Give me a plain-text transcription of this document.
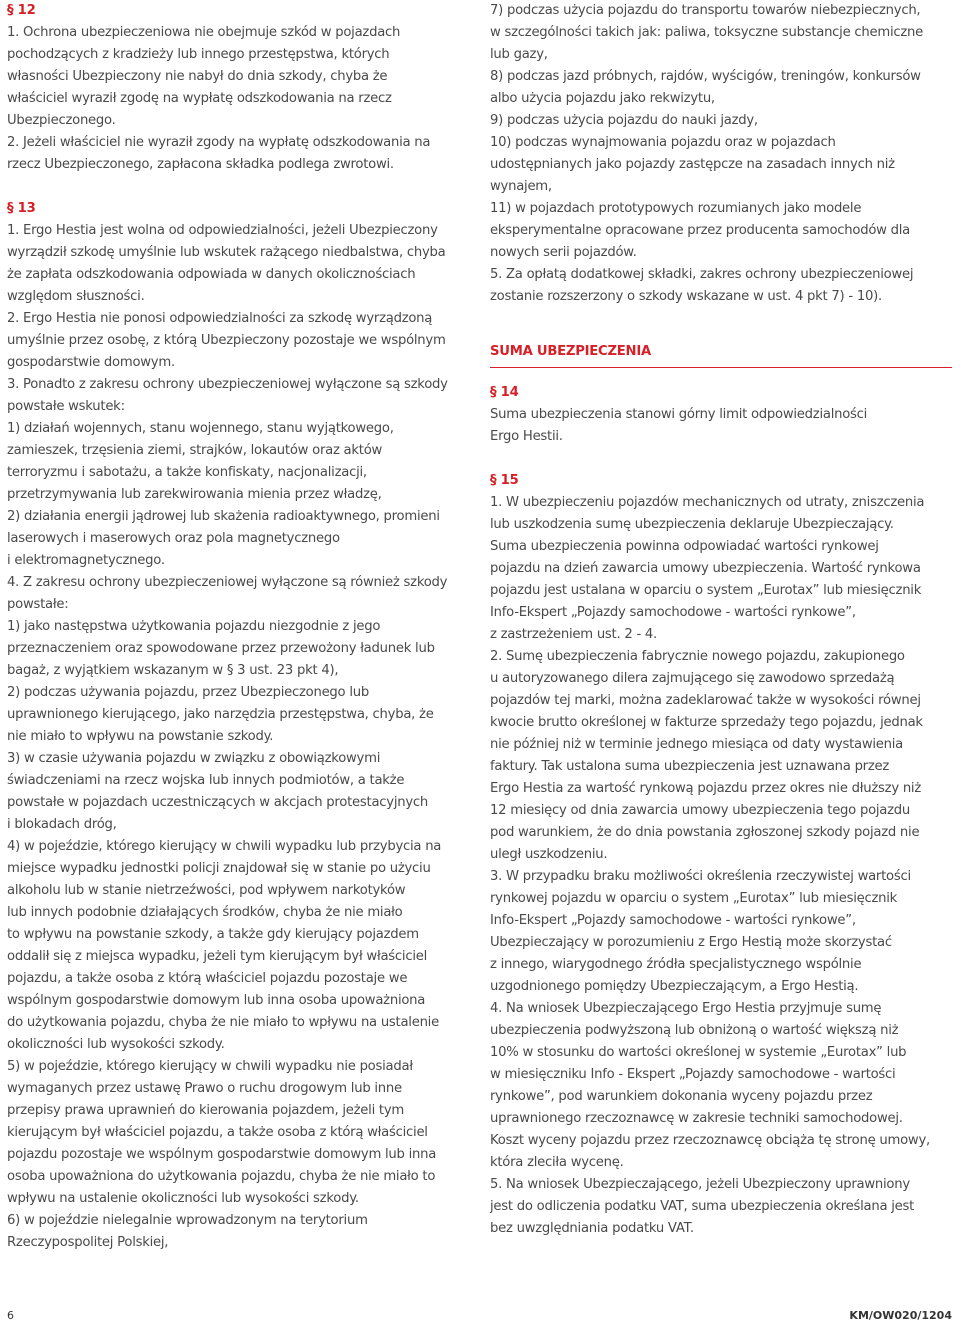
§ 12
1. Ochrona ubezpieczeniowa nie obejmuje szkód w pojazdach
pochodzących z kradzieży lub innego przestępstwa, których
własności Ubezpieczony nie nabył do dnia szkody, chyba że
właściciel wyraził zgodę na wypłatę odszkodowania na rzecz
Ubezpieczonego.
2. Jeżeli właściciel nie wyraził zgody na wypłatę odszkodowania na
rzecz Ubezpieczonego, zapłacona składka podlega zwrotowi.
§ 13
1. Ergo Hestia jest wolna od odpowiedzialności, jeżeli Ubezpieczony
wyrządził szkodę umyślnie lub wskutek rażącego niedbalstwa, chyba
że zapłata odszkodowania odpowiada w danych okolicznościach
względom słuszności.
2. Ergo Hestia nie ponosi odpowiedzialności za szkodę wyrządzoną
umyślnie przez osobę, z którą Ubezpieczony pozostaje we wspólnym
gospodarstwie domowym.
3. Ponadto z zakresu ochrony ubezpieczeniowej wyłączone są szkody
powstałe wskutek:
1) działań wojennych, stanu wojennego, stanu wyjątkowego,
zamieszek, trzęsienia ziemi, strajków, lokautów oraz aktów
terroryzmu i sabotażu, a także konfiskaty, nacjonalizacji,
przetrzymywania lub zarekwirowania mienia przez władzę,
2) działania energii jądrowej lub skażenia radioaktywnego, promieni
laserowych i maserowych oraz pola magnetycznego
i elektromagnetycznego.
4. Z zakresu ochrony ubezpieczeniowej wyłączone są również szkody
powstałe:
1) jako następstwa użytkowania pojazdu niezgodnie z jego
przeznaczeniem oraz spowodowane przez przewożony ładunek lub
bagaż, z wyjątkiem wskazanym w § 3 ust. 23 pkt 4),
2) podczas używania pojazdu, przez Ubezpieczonego lub
uprawnionego kierującego, jako narzędzia przestępstwa, chyba, że
nie miało to wpływu na powstanie szkody.
3) w czasie używania pojazdu w związku z obowiązkowymi
świadczeniami na rzecz wojska lub innych podmiotów, a także
powstałe w pojazdach uczestniczących w akcjach protestacyjnych
i blokadach dróg,
4) w pojeździe, którego kierujący w chwili wypadku lub przybycia na
miejsce wypadku jednostki policji znajdował się w stanie po użyciu
alkoholu lub w stanie nietrzeźwości, pod wpływem narkotyków
lub innych podobnie działających środków, chyba że nie miało
to wpływu na powstanie szkody, a także gdy kierujący pojazdem
oddalił się z miejsca wypadku, jeżeli tym kierującym był właściciel
pojazdu, a także osoba z którą właściciel pojazdu pozostaje we
wspólnym gospodarstwie domowym lub inna osoba upoważniona
do użytkowania pojazdu, chyba że nie miało to wpływu na ustalenie
okoliczności lub wysokości szkody.
5) w pojeździe, którego kierujący w chwili wypadku nie posiadał
wymaganych przez ustawę Prawo o ruchu drogowym lub inne
przepisy prawa uprawnień do kierowania pojazdem, jeżeli tym
kierującym był właściciel pojazdu, a także osoba z którą właściciel
pojazdu pozostaje we wspólnym gospodarstwie domowym lub inna
osoba upoważniona do użytkowania pojazdu, chyba że nie miało to
wpływu na ustalenie okoliczności lub wysokości szkody.
6) w pojeździe nielegalnie wprowadzonym na terytorium
Rzeczypospolitej Polskiej,
7) podczas użycia pojazdu do transportu towarów niebezpiecznych,
w szczególności takich jak: paliwa, toksyczne substancje chemiczne
lub gazy,
8) podczas jazd próbnych, rajdów, wyścigów, treningów, konkursów
albo użycia pojazdu jako rekwizytu,
9) podczas użycia pojazdu do nauki jazdy,
10) podczas wynajmowania pojazdu oraz w pojazdach
udostępnianych jako pojazdy zastępcze na zasadach innych niż
wynajem,
11) w pojazdach prototypowych rozumianych jako modele
eksperymentalne opracowane przez producenta samochodów dla
nowych serii pojazdów.
5. Za opłatą dodatkowej składki, zakres ochrony ubezpieczeniowej
zostanie rozszerzony o szkody wskazane w ust. 4 pkt 7) - 10).
SUMA UBEZPIECZENIA
§ 14
Suma ubezpieczenia stanowi górny limit odpowiedzialności
Ergo Hestii.
§ 15
1. W ubezpieczeniu pojazdów mechanicznych od utraty, zniszczenia
lub uszkodzenia sumę ubezpieczenia deklaruje Ubezpieczający.
Suma ubezpieczenia powinna odpowiadać wartości rynkowej
pojazdu na dzień zawarcia umowy ubezpieczenia. Wartość rynkowa
pojazdu jest ustalana w oparciu o system „Eurotax” lub miesięcznik
Info-Ekspert „Pojazdy samochodowe - wartości rynkowe”,
z zastrzeżeniem ust. 2 - 4.
2. Sumę ubezpieczenia fabrycznie nowego pojazdu, zakupionego
u autoryzowanego dilera zajmującego się zawodowo sprzedażą
pojazdów tej marki, można zadeklarować także w wysokości równej
kwocie brutto określonej w fakturze sprzedaży tego pojazdu, jednak
nie później niż w terminie jednego miesiąca od daty wystawienia
faktury. Tak ustalona suma ubezpieczenia jest uznawana przez
Ergo Hestia za wartość rynkową pojazdu przez okres nie dłuższy niż
12 miesięcy od dnia zawarcia umowy ubezpieczenia tego pojazdu
pod warunkiem, że do dnia powstania zgłoszonej szkody pojazd nie
uległ uszkodzeniu.
3. W przypadku braku możliwości określenia rzeczywistej wartości
rynkowej pojazdu w oparciu o system „Eurotax” lub miesięcznik
Info-Ekspert „Pojazdy samochodowe - wartości rynkowe”,
Ubezpieczający w porozumieniu z Ergo Hestią może skorzystać
z innego, wiarygodnego źródła specjalistycznego wspólnie
uzgodnionego pomiędzy Ubezpieczającym, a Ergo Hestią.
4. Na wniosek Ubezpieczającego Ergo Hestia przyjmuje sumę
ubezpieczenia podwyższoną lub obniżoną o wartość większą niż
10% w stosunku do wartości określonej w systemie „Eurotax” lub
w miesięczniku Info - Ekspert „Pojazdy samochodowe - wartości
rynkowe”, pod warunkiem dokonania wyceny pojazdu przez
uprawnionego rzeczoznawcę w zakresie techniki samochodowej.
Koszt wyceny pojazdu przez rzeczoznawcę obciąża tę stronę umowy,
która zleciła wycenę.
5. Na wniosek Ubezpieczającego, jeżeli Ubezpieczony uprawniony
jest do odliczenia podatku VAT, suma ubezpieczenia określana jest
bez uwzględniania podatku VAT.
6	KM/OW020/1204
